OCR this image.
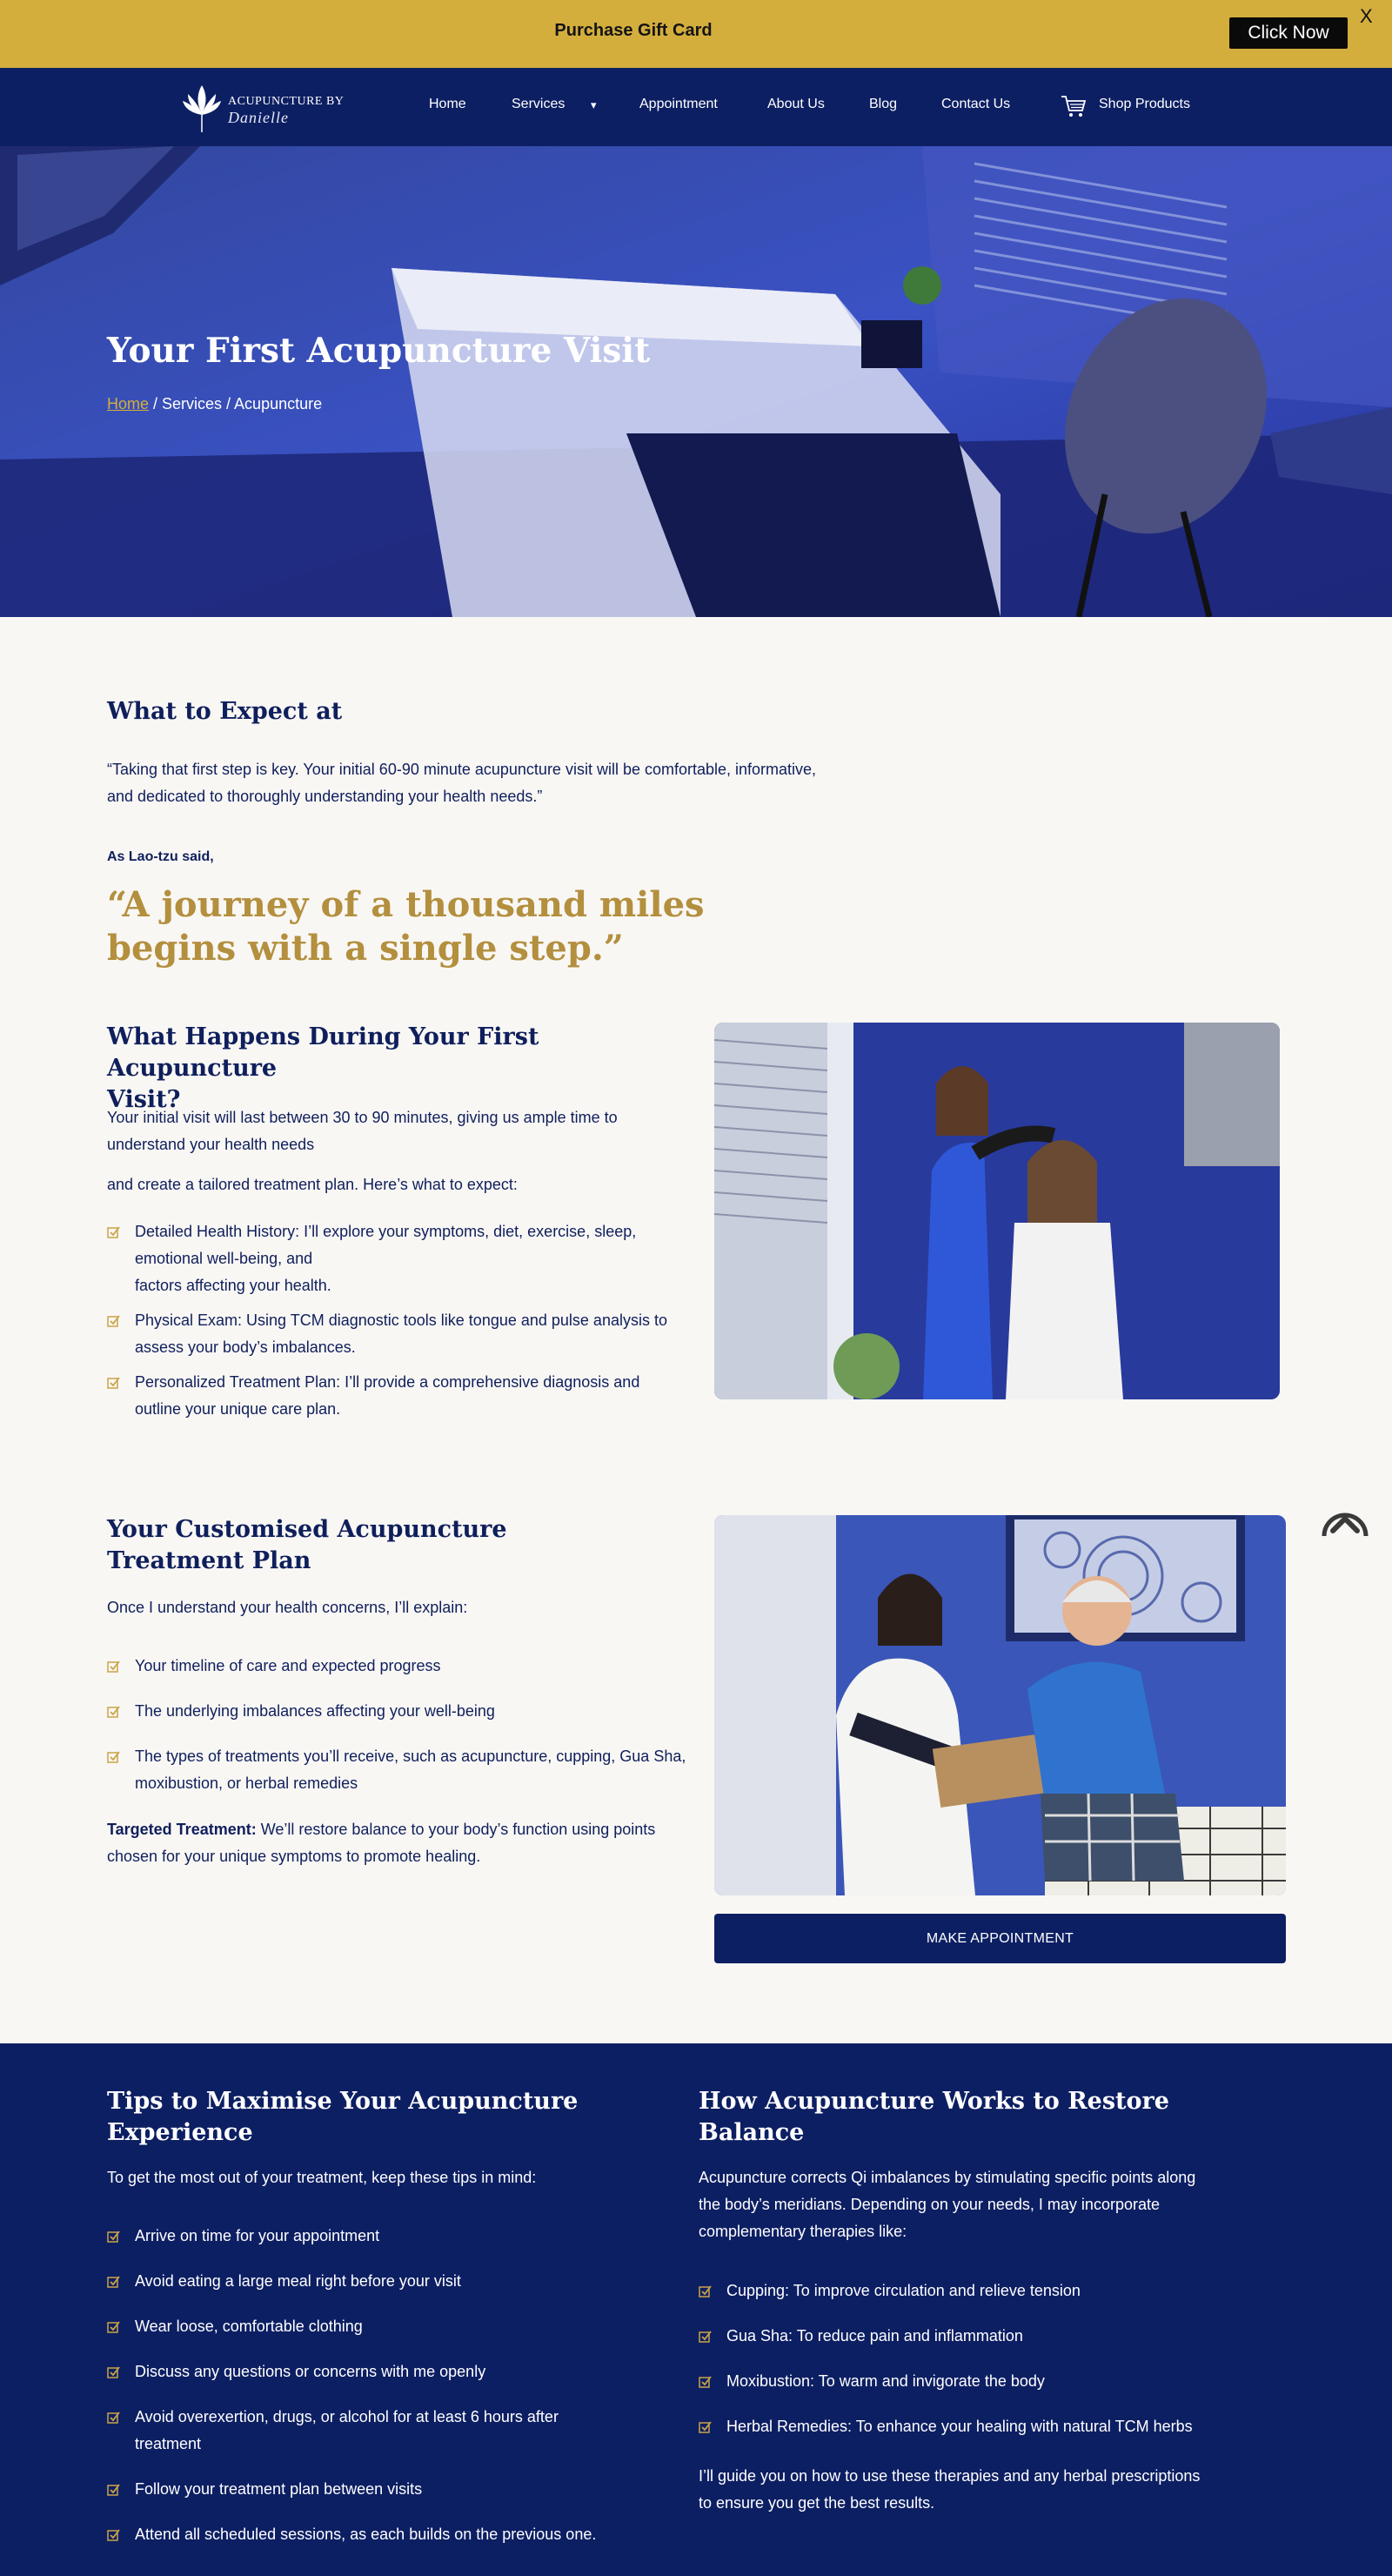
Purchase Gift Card	Click Now
X
ACUPUNCTURE BY
Danielle
Home	Services ▾	Appointment	About Us	Blog	Contact Us	Shop Products
Your First Acupuncture Visit
Home / Services / Acupuncture
What to Expect at
“Taking that first step is key. Your initial 60-90 minute acupuncture visit will be comfortable, informative,
and dedicated to thoroughly understanding your health needs.”
As Lao-tzu said,
“A journey of a thousand miles
begins with a single step.”
What Happens During Your First Acupuncture
Visit?
Your initial visit will last between 30 to 90 minutes, giving us ample time to
understand your health needs
and create a tailored treatment plan. Here’s what to expect:
Detailed Health History: I’ll explore your symptoms, diet, exercise, sleep,
emotional well-being, and
factors affecting your health.
Physical Exam: Using TCM diagnostic tools like tongue and pulse analysis to
assess your body’s imbalances.
Personalized Treatment Plan: I’ll provide a comprehensive diagnosis and
outline your unique care plan.
Your Customised Acupuncture
Treatment Plan
Once I understand your health concerns, I’ll explain:
Your timeline of care and expected progress
The underlying imbalances affecting your well-being
The types of treatments you’ll receive, such as acupuncture, cupping, Gua Sha,
moxibustion, or herbal remedies
Targeted Treatment: We’ll restore balance to your body’s function using points
chosen for your unique symptoms to promote healing.
MAKE APPOINTMENT
Tips to Maximise Your Acupuncture
Experience
To get the most out of your treatment, keep these tips in mind:
Arrive on time for your appointment
Avoid eating a large meal right before your visit
Wear loose, comfortable clothing
Discuss any questions or concerns with me openly
Avoid overexertion, drugs, or alcohol for at least 6 hours after
treatment
Follow your treatment plan between visits
Attend all scheduled sessions, as each builds on the previous one.
How Acupuncture Works to Restore
Balance
Acupuncture corrects Qi imbalances by stimulating specific points along
the body’s meridians. Depending on your needs, I may incorporate
complementary therapies like:
Cupping: To improve circulation and relieve tension
Gua Sha: To reduce pain and inflammation
Moxibustion: To warm and invigorate the body
Herbal Remedies: To enhance your healing with natural TCM herbs
I’ll guide you on how to use these therapies and any herbal prescriptions
to ensure you get the best results.
